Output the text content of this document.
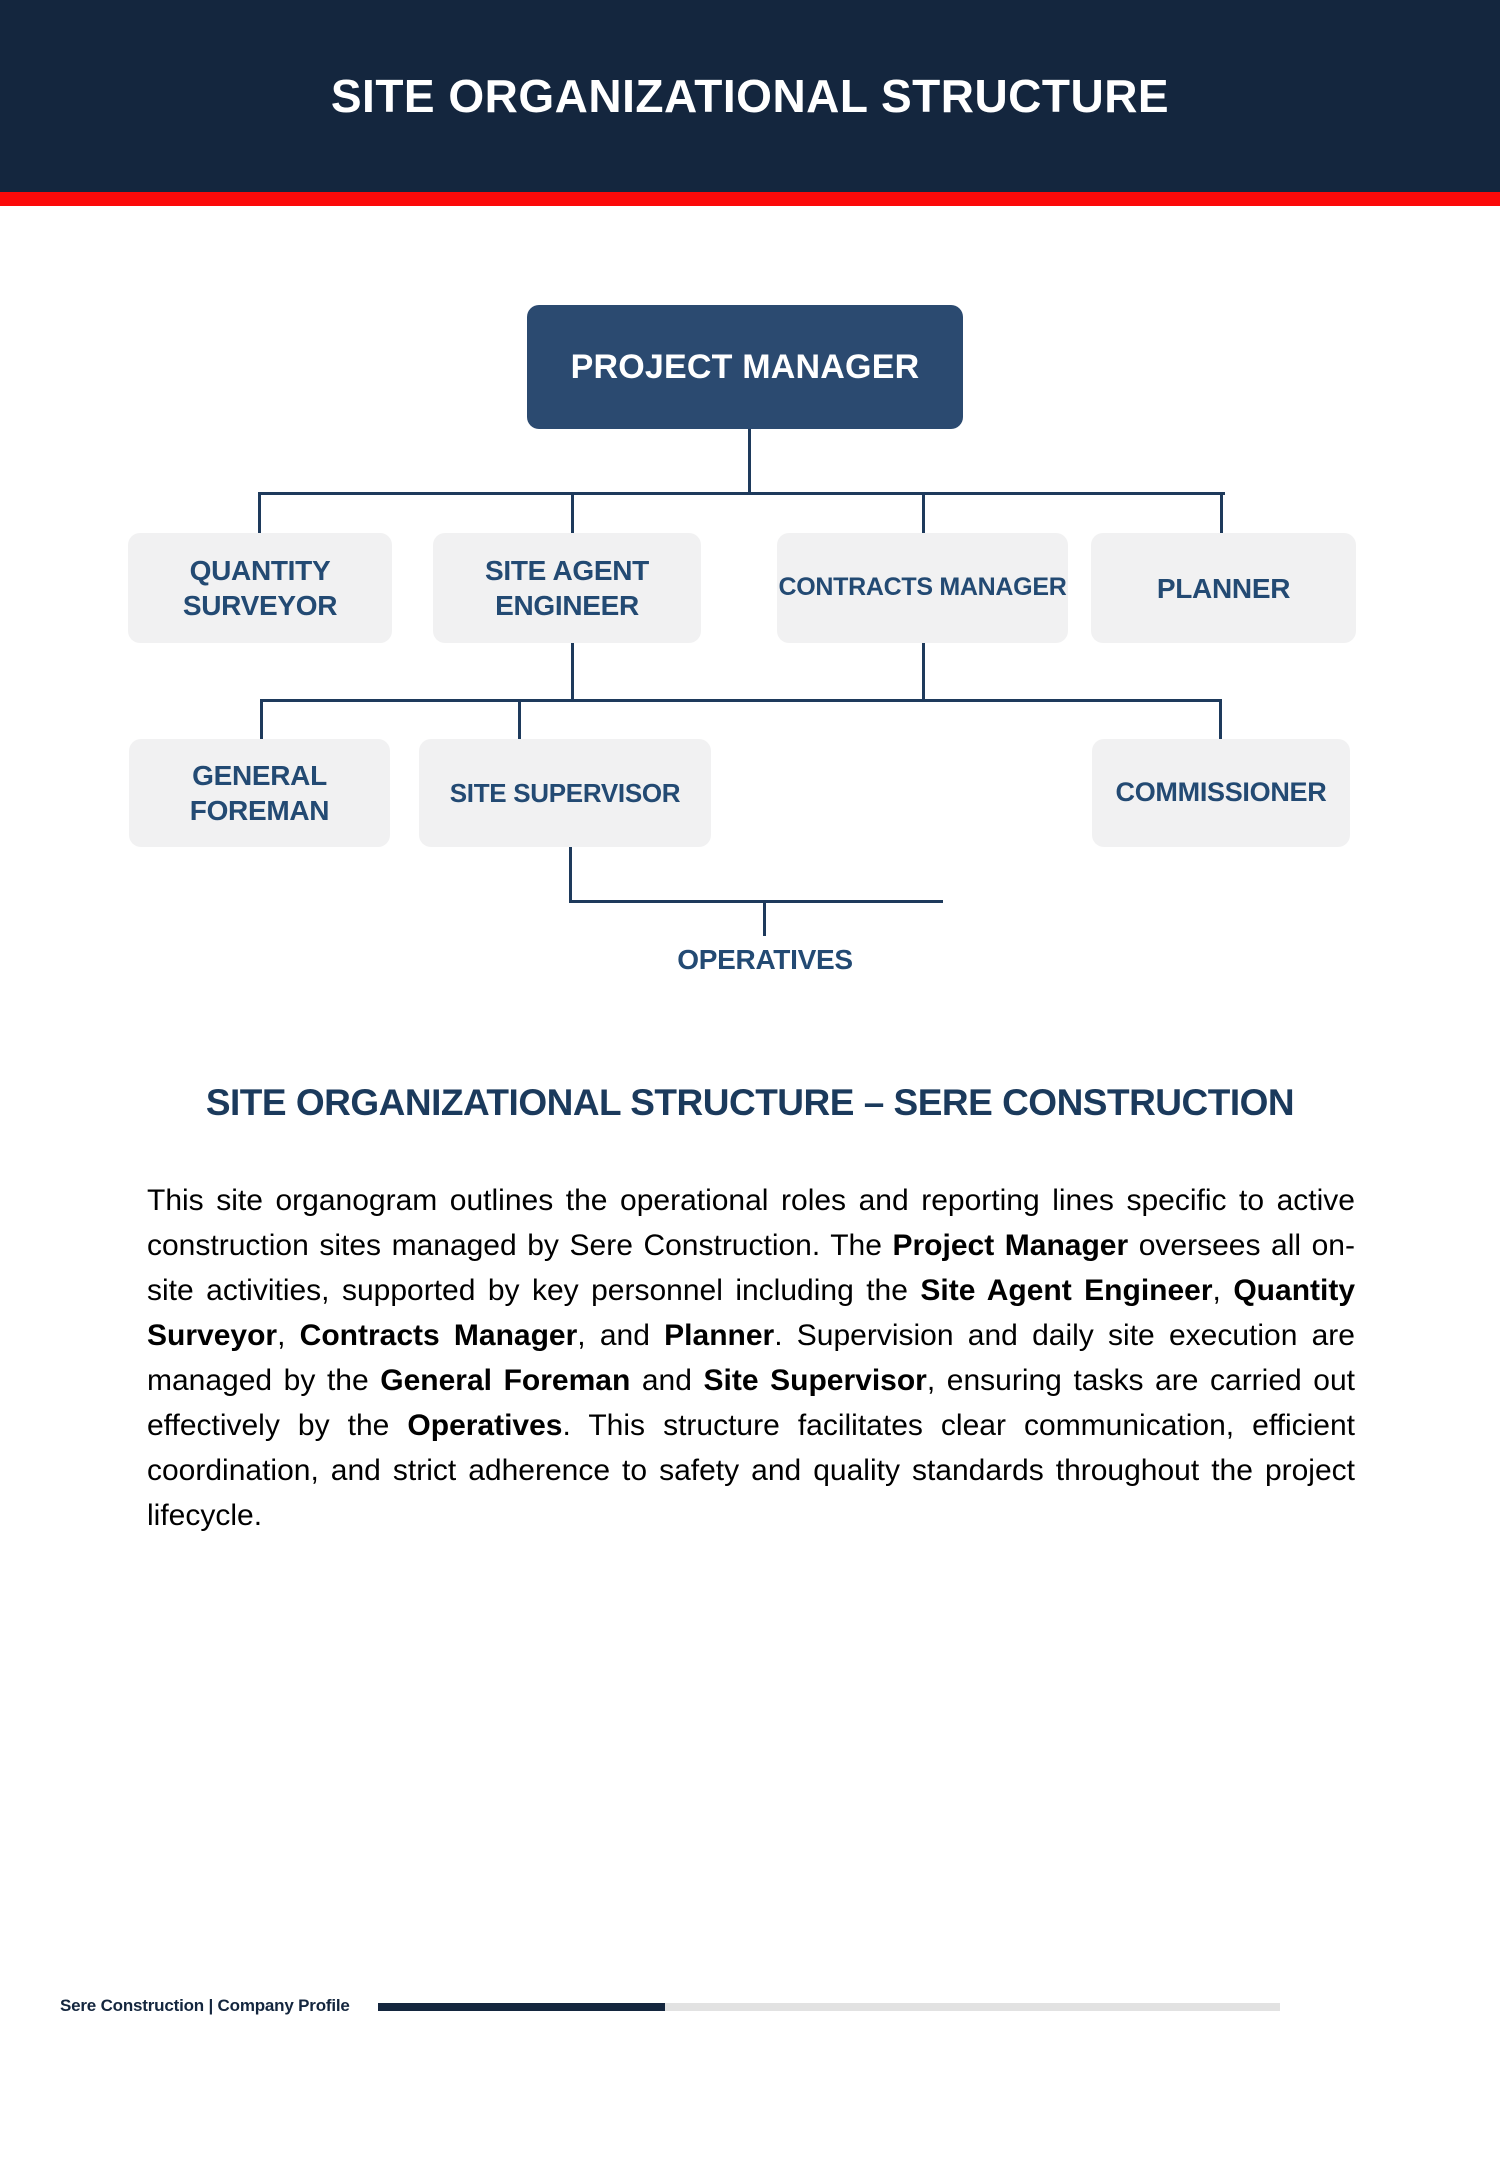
SITE ORGANIZATIONAL STRUCTURE
PROJECT MANAGER
QUANTITY SURVEYOR
SITE AGENT ENGINEER
CONTRACTS MANAGER	PLANNER
GENERAL FOREMAN
SITE SUPERVISOR	COMMISSIONER
OPERATIVES
SITE ORGANIZATIONAL STRUCTURE – SERE CONSTRUCTION
This site organogram outlines the operational roles and reporting lines specific to active construction sites managed by Sere Construction. The Project Manager oversees all on-site activities, supported by key personnel including the Site Agent Engineer, Quantity Surveyor, Contracts Manager, and Planner. Supervision and daily site execution are managed by the General Foreman and Site Supervisor, ensuring tasks are carried out effectively by the Operatives. This structure facilitates clear communication, efficient coordination, and strict adherence to safety and quality standards throughout the project lifecycle.
Sere Construction | Company Profile
